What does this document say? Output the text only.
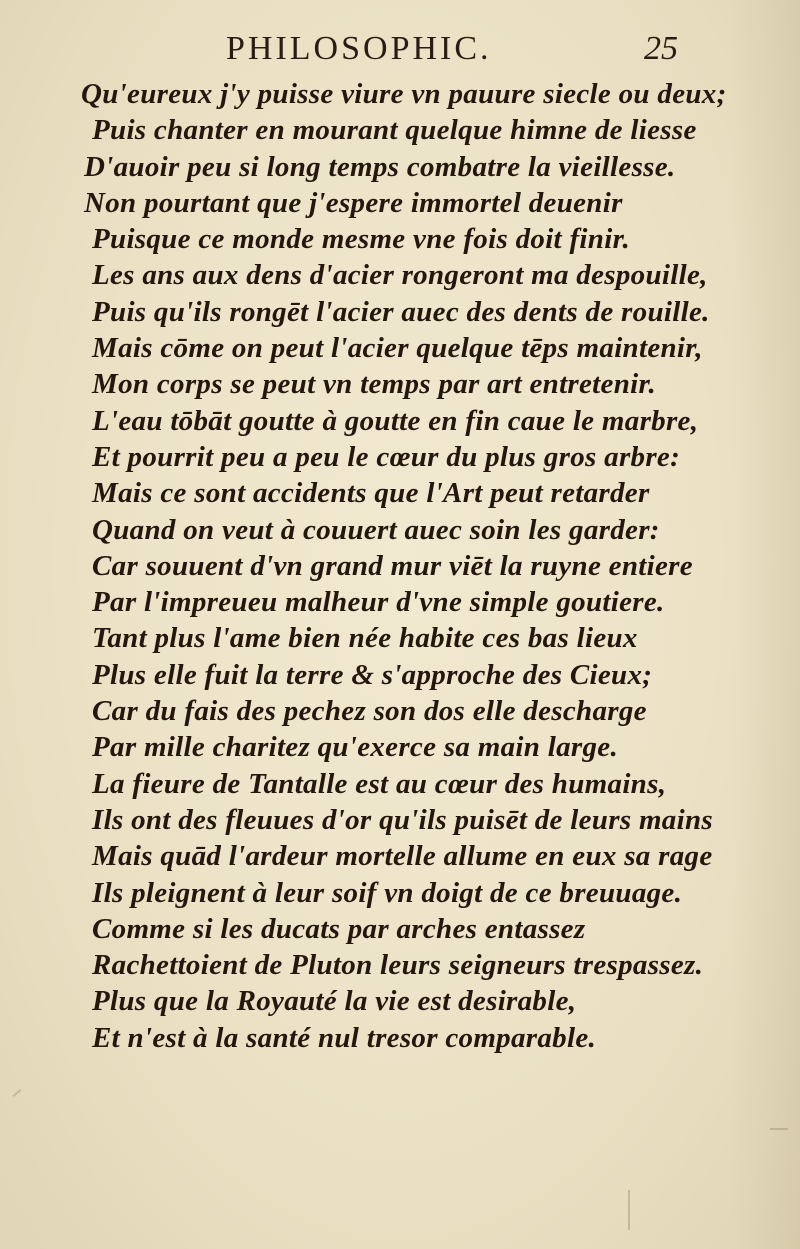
PHILOSOPHIC.	25
Qu'eureux j'y puisse viure vn pauure siecle ou deux;
Puis chanter en mourant quelque himne de liesse
D'auoir peu si long temps combatre la vieillesse.
Non pourtant que j'espere immortel deuenir
Puisque ce monde mesme vne fois doit finir.
Les ans aux dens d'acier rongeront ma despouille,
Puis qu'ils rongēt l'acier auec des dents de rouille.
Mais cōme on peut l'acier quelque tēps maintenir,
Mon corps se peut vn temps par art entretenir.
L'eau tōbāt goutte à goutte en fin caue le marbre,
Et pourrit peu a peu le cœur du plus gros arbre:
Mais ce sont accidents que l'Art peut retarder
Quand on veut à couuert auec soin les garder:
Car souuent d'vn grand mur viēt la ruyne entiere
Par l'impreueu malheur d'vne simple goutiere.
Tant plus l'ame bien née habite ces bas lieux
Plus elle fuit la terre & s'approche des Cieux;
Car du fais des pechez son dos elle descharge
Par mille charitez qu'exerce sa main large.
La fieure de Tantalle est au cœur des humains,
Ils ont des fleuues d'or qu'ils puisēt de leurs mains
Mais quād l'ardeur mortelle allume en eux sa rage
Ils pleignent à leur soif vn doigt de ce breuuage.
Comme si les ducats par arches entassez
Rachettoient de Pluton leurs seigneurs trespassez.
Plus que la Royauté la vie est desirable,
Et n'est à la santé nul tresor comparable.
